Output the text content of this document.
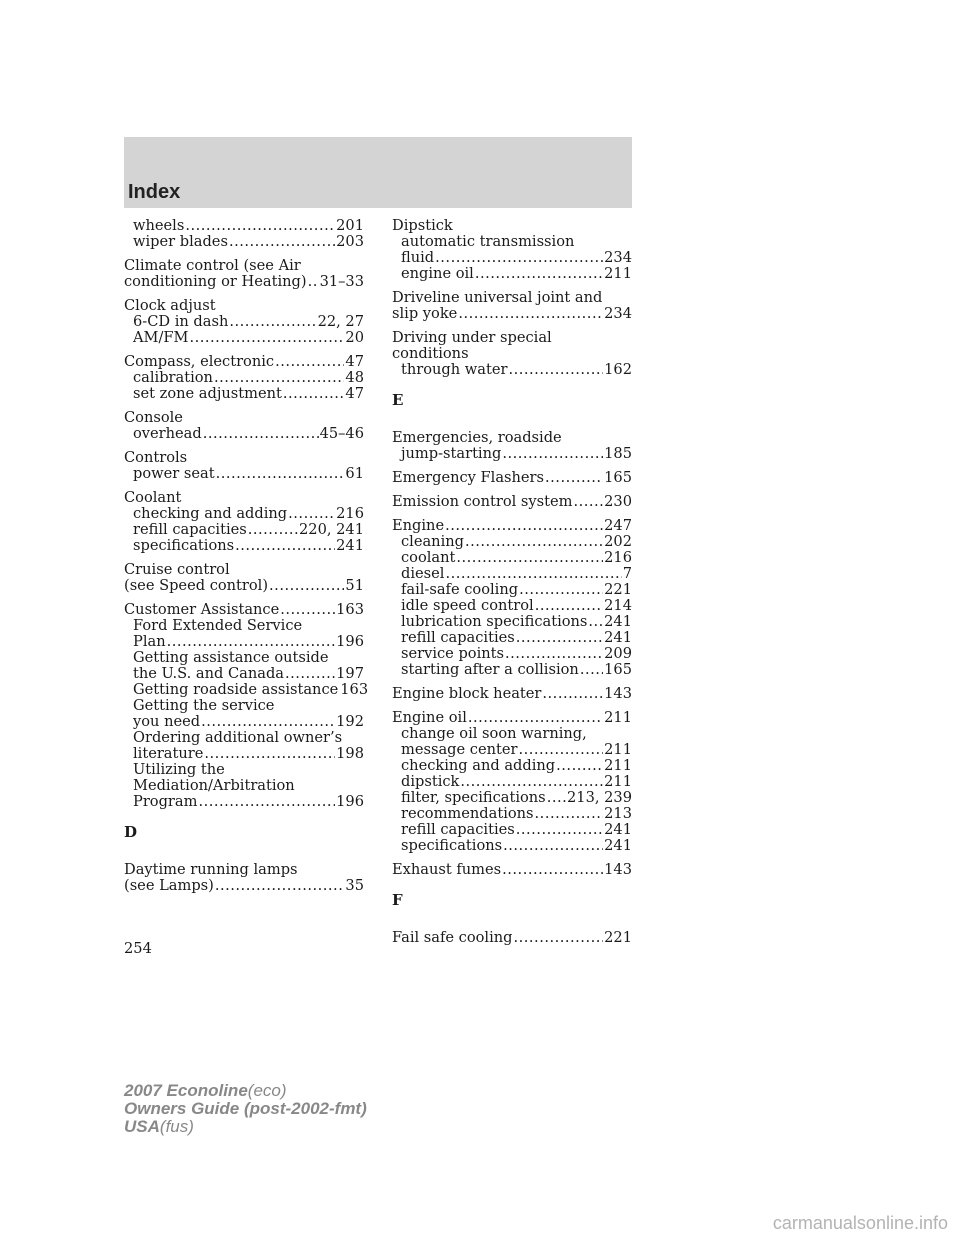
Index
wheels .....	201
wiper blades .....	203
Climate control (see Air
conditioning or Heating) ..... 31–33
Clock adjust
6-CD in dash .....	22, 27
AM/FM .....	20
Compass, electronic .....	47
calibration .....	48
set zone adjustment .....	47
Console
overhead .....	45–46
Controls
power seat .....	61
Coolant
checking and adding .....	216
refill capacities .....	220, 241
specifications .....	241
Cruise control
(see Speed control) .....	51
Customer Assistance .....	163
Ford Extended Service
Plan .....	196
Getting assistance outside
the U.S. and Canada .....	197
Getting roadside assistance 163
Getting the service
you need .....	192
Ordering additional owner’s
literature .....	198
Utilizing the
Mediation/Arbitration
Program .....	196
D
Daytime running lamps
(see Lamps) .....	35
Dipstick
automatic transmission
fluid .....	234
engine oil .....	211
Driveline universal joint and
slip yoke .....	234
Driving under special
conditions
through water .....	162
E
Emergencies, roadside
jump-starting .....	185
Emergency Flashers .....	165
Emission control system ..... 230
Engine .....	247
cleaning .....	202
coolant .....	216
diesel .....	7
fail-safe cooling .....	221
idle speed control .....	214
lubrication specifications ..... 241
refill capacities .....	241
service points .....	209
starting after a collision ..... 165
Engine block heater .....	143
Engine oil .....	211
change oil soon warning,
message center .....	211
checking and adding .....	211
dipstick .....	211
filter, specifications ..... 213, 239
recommendations .....	213
refill capacities .....	241
specifications .....	241
Exhaust fumes .....	143
F
Fail safe cooling .....	221
254
2007 Econoline(eco)
Owners Guide (post-2002-fmt)
USA(fus)
carmanualsonline.info
